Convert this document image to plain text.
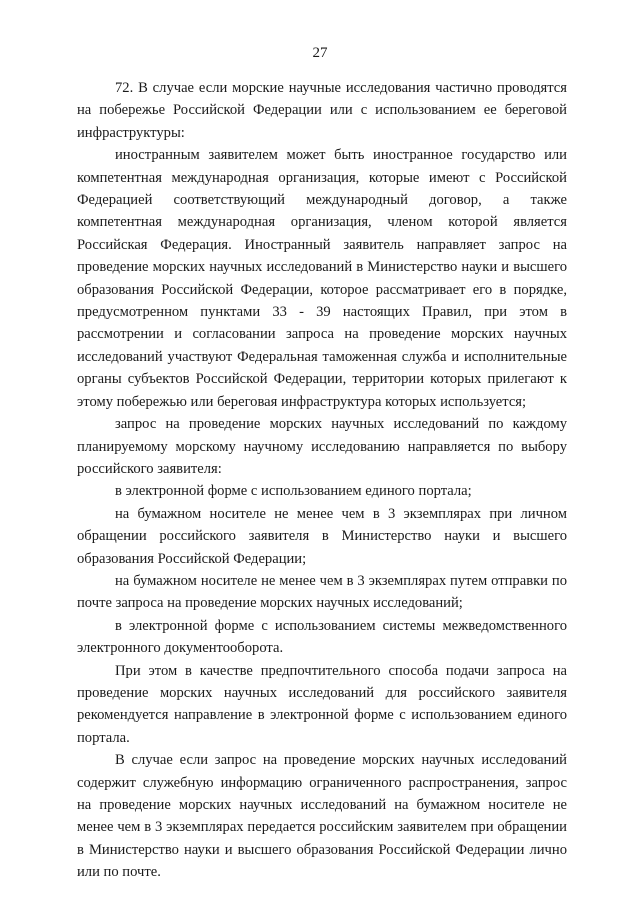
27

72. В случае если морские научные исследования частично проводятся на побережье Российской Федерации или с использованием ее береговой инфраструктуры:

иностранным заявителем может быть иностранное государство или компетентная международная организация, которые имеют с Российской Федерацией соответствующий международный договор, а также компетентная международная организация, членом которой является Российская Федерация. Иностранный заявитель направляет запрос на проведение морских научных исследований в Министерство науки и высшего образования Российской Федерации, которое рассматривает его в порядке, предусмотренном пунктами 33 - 39 настоящих Правил, при этом в рассмотрении и согласовании запроса на проведение морских научных исследований участвуют Федеральная таможенная служба и исполнительные органы субъектов Российской Федерации, территории которых прилегают к этому побережью или береговая инфраструктура которых используется;

запрос на проведение морских научных исследований по каждому планируемому морскому научному исследованию направляется по выбору российского заявителя:

в электронной форме с использованием единого портала;

на бумажном носителе не менее чем в 3 экземплярах при личном обращении российского заявителя в Министерство науки и высшего образования Российской Федерации;

на бумажном носителе не менее чем в 3 экземплярах путем отправки по почте запроса на проведение морских научных исследований;

в электронной форме с использованием системы межведомственного электронного документооборота.

При этом в качестве предпочтительного способа подачи запроса на проведение морских научных исследований для российского заявителя рекомендуется направление в электронной форме с использованием единого портала.

В случае если запрос на проведение морских научных исследований содержит служебную информацию ограниченного распространения, запрос на проведение морских научных исследований на бумажном носителе не менее чем в 3 экземплярах передается российским заявителем при обращении в Министерство науки и высшего образования Российской Федерации лично или по почте.
